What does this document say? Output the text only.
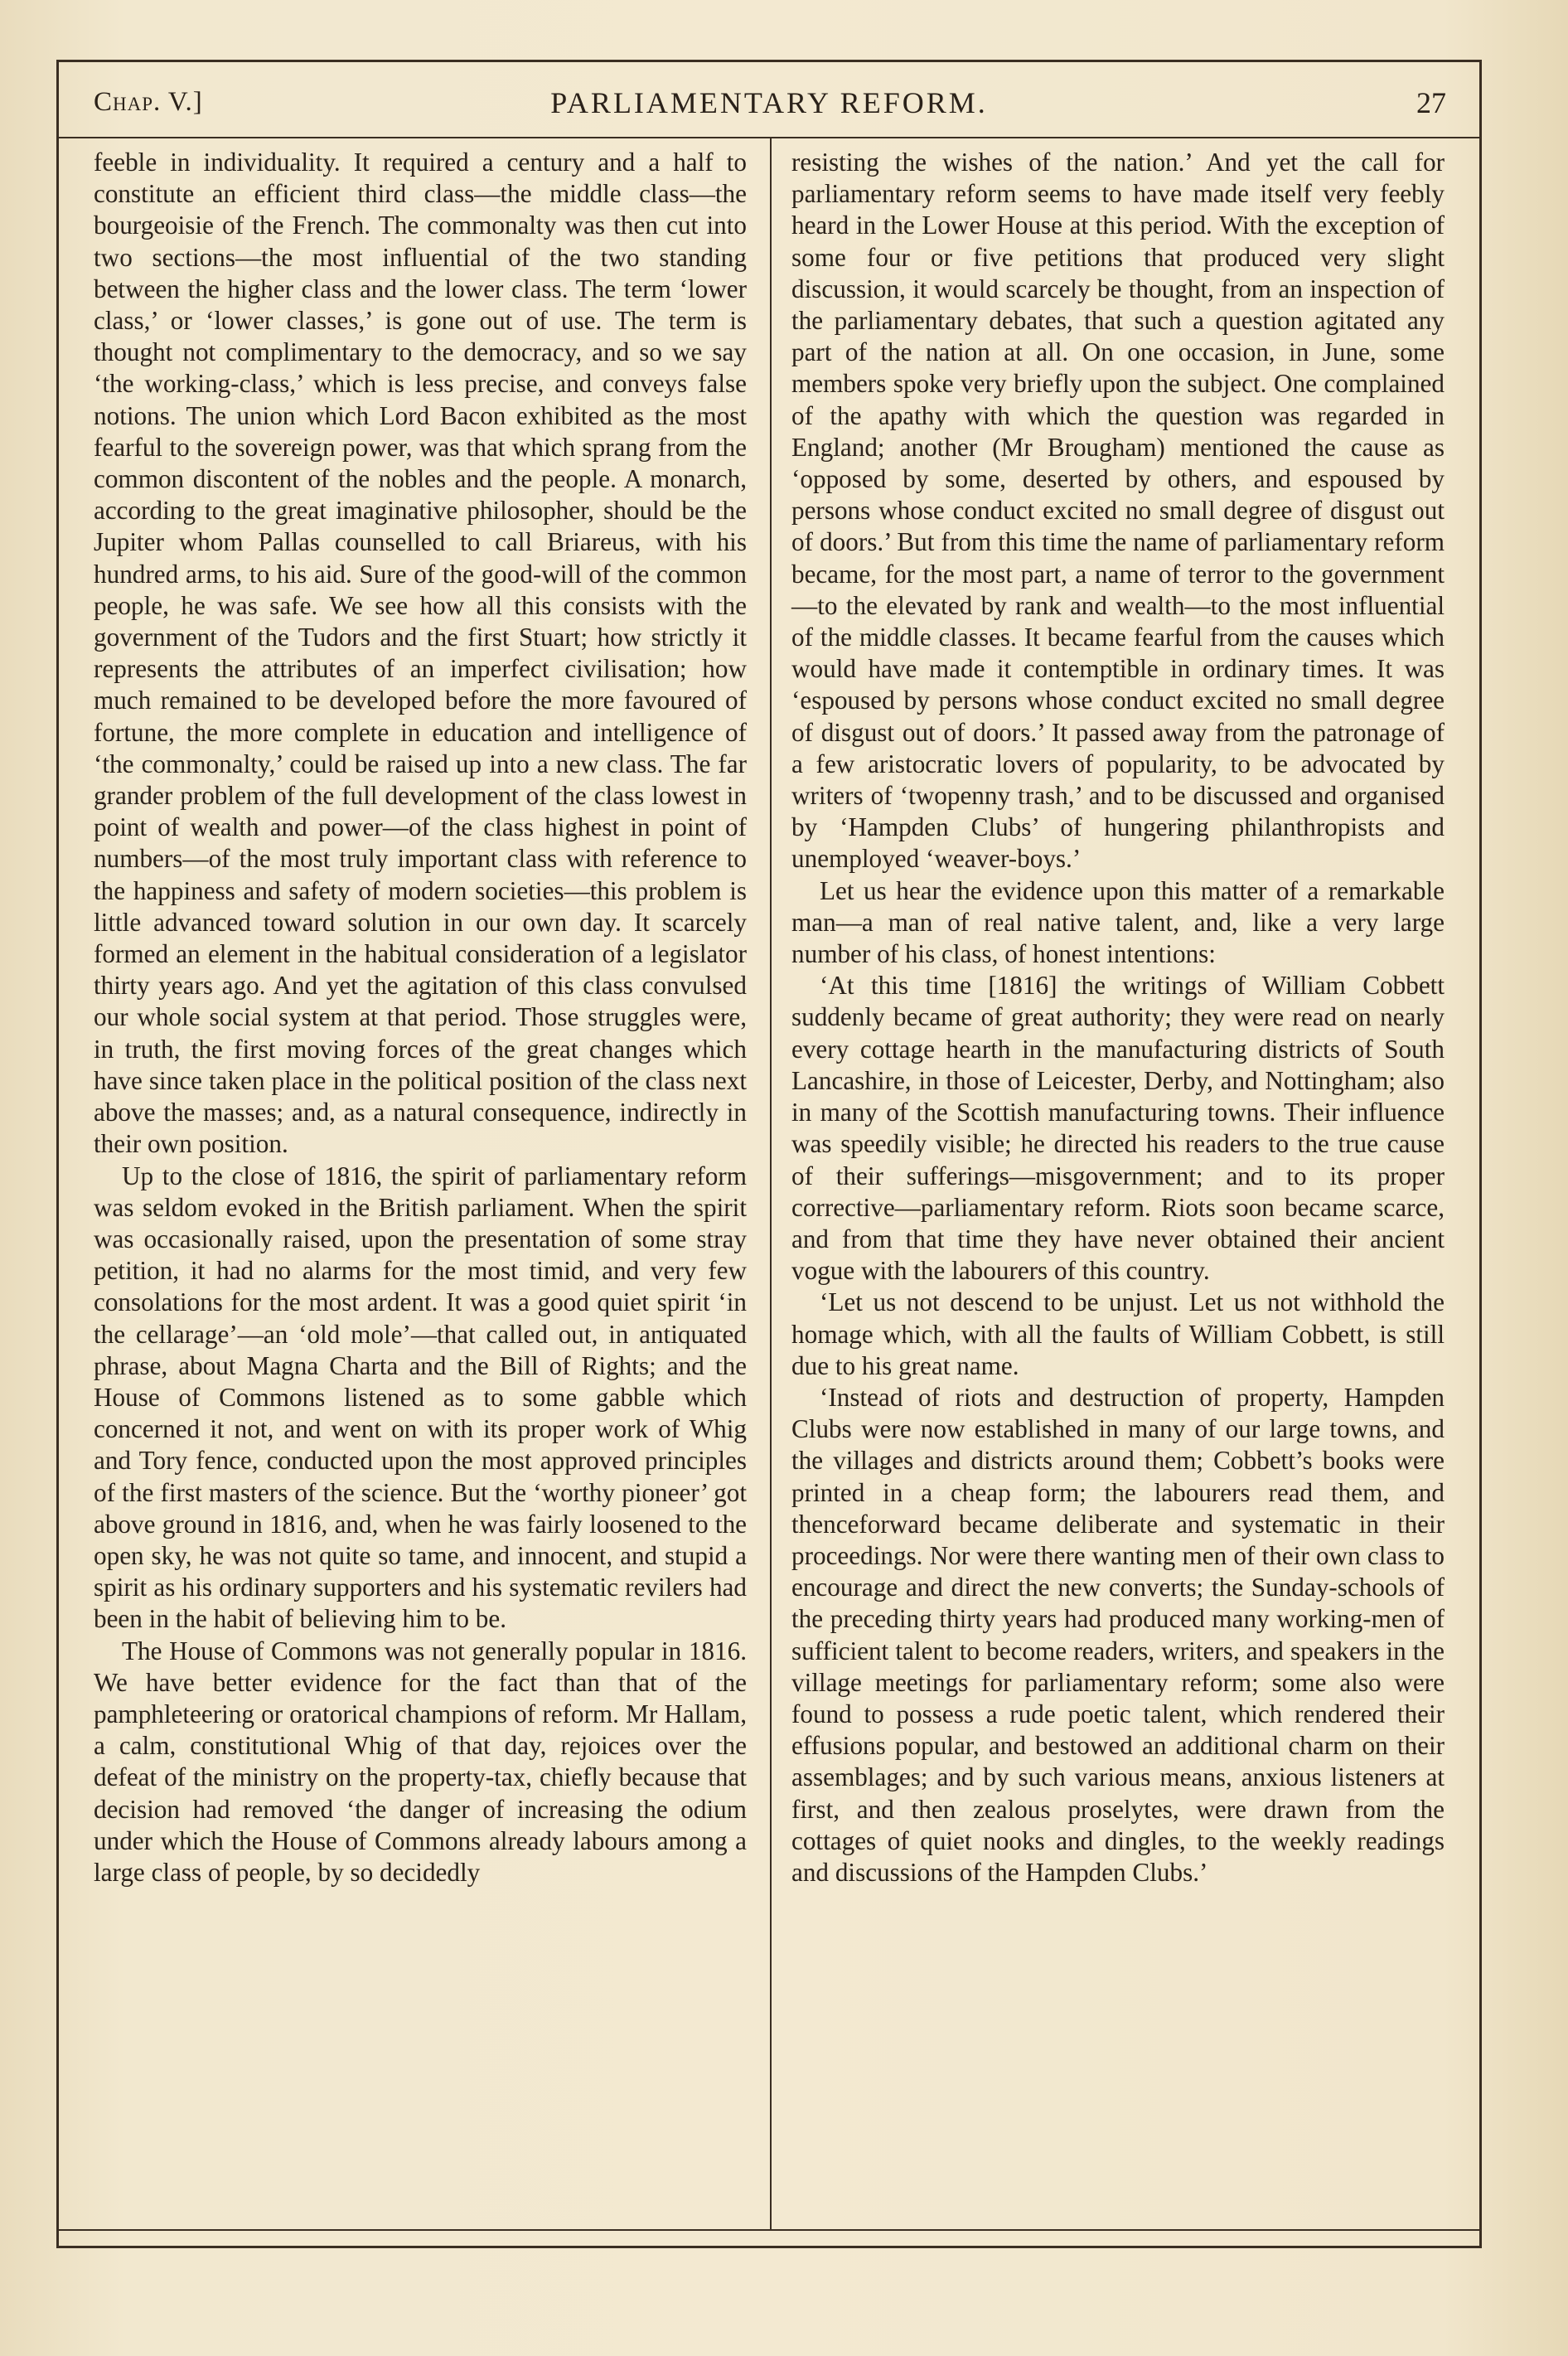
Chap. V.]	PARLIAMENTARY REFORM.	27

feeble in individuality. It required a century and a half to constitute an efficient third class—the middle class—the bourgeoisie of the French. The commonalty was then cut into two sections—the most influential of the two standing between the higher class and the lower class. The term ‘lower class,’ or ‘lower classes,’ is gone out of use. The term is thought not complimentary to the democracy, and so we say ‘the working-class,’ which is less precise, and conveys false notions. The union which Lord Bacon exhibited as the most fearful to the sovereign power, was that which sprang from the common discontent of the nobles and the people. A monarch, according to the great imaginative philosopher, should be the Jupiter whom Pallas counselled to call Briareus, with his hundred arms, to his aid. Sure of the good-will of the common people, he was safe. We see how all this consists with the government of the Tudors and the first Stuart; how strictly it represents the attributes of an imperfect civilisation; how much remained to be developed before the more favoured of fortune, the more complete in education and intelligence of ‘the commonalty,’ could be raised up into a new class. The far grander problem of the full development of the class lowest in point of wealth and power—of the class highest in point of numbers—of the most truly important class with reference to the happiness and safety of modern societies—this problem is little advanced toward solution in our own day. It scarcely formed an element in the habitual consideration of a legislator thirty years ago. And yet the agitation of this class convulsed our whole social system at that period. Those struggles were, in truth, the first moving forces of the great changes which have since taken place in the political position of the class next above the masses; and, as a natural consequence, indirectly in their own position.

Up to the close of 1816, the spirit of parliamentary reform was seldom evoked in the British parliament. When the spirit was occasionally raised, upon the presentation of some stray petition, it had no alarms for the most timid, and very few consolations for the most ardent. It was a good quiet spirit ‘in the cellarage’—an ‘old mole’—that called out, in antiquated phrase, about Magna Charta and the Bill of Rights; and the House of Commons listened as to some gabble which concerned it not, and went on with its proper work of Whig and Tory fence, conducted upon the most approved principles of the first masters of the science. But the ‘worthy pioneer’ got above ground in 1816, and, when he was fairly loosened to the open sky, he was not quite so tame, and innocent, and stupid a spirit as his ordinary supporters and his systematic revilers had been in the habit of believing him to be.

The House of Commons was not generally popular in 1816. We have better evidence for the fact than that of the pamphleteering or oratorical champions of reform. Mr Hallam, a calm, constitutional Whig of that day, rejoices over the defeat of the ministry on the property-tax, chiefly because that decision had removed ‘the danger of increasing the odium under which the House of Commons already labours among a large class of people, by so decidedly

resisting the wishes of the nation.’ And yet the call for parliamentary reform seems to have made itself very feebly heard in the Lower House at this period. With the exception of some four or five petitions that produced very slight discussion, it would scarcely be thought, from an inspection of the parliamentary debates, that such a question agitated any part of the nation at all. On one occasion, in June, some members spoke very briefly upon the subject. One complained of the apathy with which the question was regarded in England; another (Mr Brougham) mentioned the cause as ‘opposed by some, deserted by others, and espoused by persons whose conduct excited no small degree of disgust out of doors.’ But from this time the name of parliamentary reform became, for the most part, a name of terror to the government—to the elevated by rank and wealth—to the most influential of the middle classes. It became fearful from the causes which would have made it contemptible in ordinary times. It was ‘espoused by persons whose conduct excited no small degree of disgust out of doors.’ It passed away from the patronage of a few aristocratic lovers of popularity, to be advocated by writers of ‘twopenny trash,’ and to be discussed and organised by ‘Hampden Clubs’ of hungering philanthropists and unemployed ‘weaver-boys.’

Let us hear the evidence upon this matter of a remarkable man—a man of real native talent, and, like a very large number of his class, of honest intentions:

‘At this time [1816] the writings of William Cobbett suddenly became of great authority; they were read on nearly every cottage hearth in the manufacturing districts of South Lancashire, in those of Leicester, Derby, and Nottingham; also in many of the Scottish manufacturing towns. Their influence was speedily visible; he directed his readers to the true cause of their sufferings—misgovernment; and to its proper corrective—parliamentary reform. Riots soon became scarce, and from that time they have never obtained their ancient vogue with the labourers of this country.

‘Let us not descend to be unjust. Let us not withhold the homage which, with all the faults of William Cobbett, is still due to his great name.

‘Instead of riots and destruction of property, Hampden Clubs were now established in many of our large towns, and the villages and districts around them; Cobbett’s books were printed in a cheap form; the labourers read them, and thenceforward became deliberate and systematic in their proceedings. Nor were there wanting men of their own class to encourage and direct the new converts; the Sunday-schools of the preceding thirty years had produced many working-men of sufficient talent to become readers, writers, and speakers in the village meetings for parliamentary reform; some also were found to possess a rude poetic talent, which rendered their effusions popular, and bestowed an additional charm on their assemblages; and by such various means, anxious listeners at first, and then zealous proselytes, were drawn from the cottages of quiet nooks and dingles, to the weekly readings and discussions of the Hampden Clubs.’
